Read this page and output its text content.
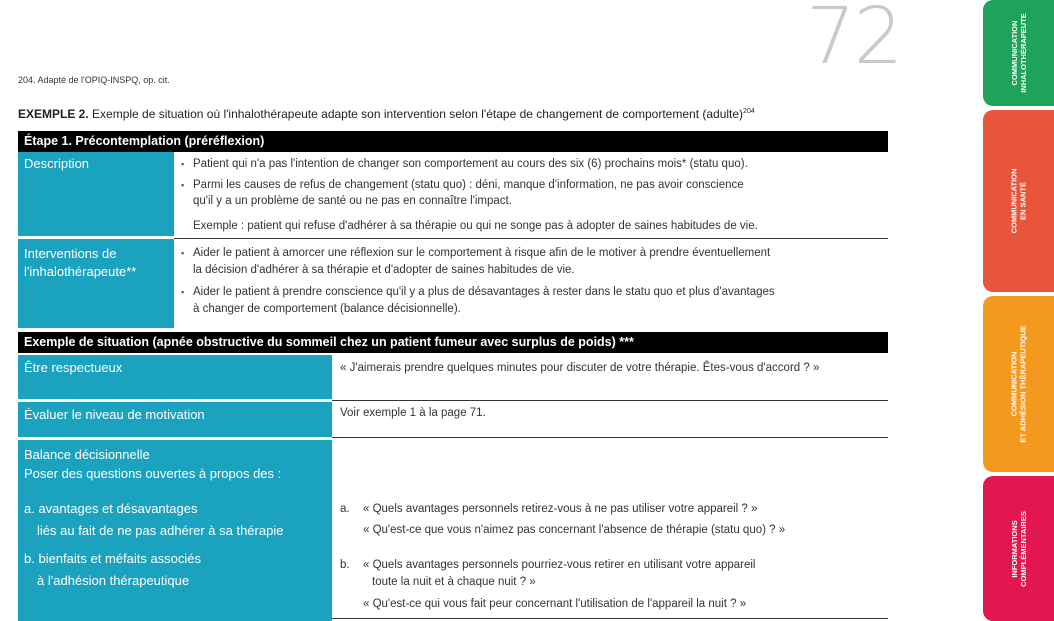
72
204. Adapté de l'OPIQ-INSPQ, op. cit.
EXEMPLE 2. Exemple de situation où l'inhalothérapeute adapte son intervention selon l'étape de changement de comportement (adulte)$^{204}$
Étape 1. Précontemplation (préréflexion)
Description
▪	Patient qui n'a pas l'intention de changer son comportement au cours des six (6) prochains mois* (statu quo).
▪ Parmi les causes de refus de changement (statu quo) : déni, manque d'information, ne pas avoir conscience
qu'il y a un problème de santé ou ne pas en connaître l'impact.
Exemple : patient qui refuse d'adhérer à sa thérapie ou qui ne songe pas à adopter de saines habitudes de vie.
Interventions de
l'inhalothérapeute**
▪ Aider le patient à amorcer une réflexion sur le comportement à risque afin de le motiver à prendre éventuellement
la décision d'adhérer à sa thérapie et d'adopter de saines habitudes de vie.
▪ Aider le patient à prendre conscience qu'il y a plus de désavantages à rester dans le statu quo et plus d'avantages
à changer de comportement (balance décisionnelle).
Exemple de situation (apnée obstructive du sommeil chez un patient fumeur avec surplus de poids) ***
Être respectueux	« J'aimerais prendre quelques minutes pour discuter de votre thérapie. Êtes-vous d'accord ? »
Évaluer le niveau de motivation	Voir exemple 1 à la page 71.
Balance décisionnelle
Poser des questions ouvertes à propos des :
a. avantages et désavantages
liés au fait de ne pas adhérer à sa thérapie
b. bienfaits et méfaits associés
à l'adhésion thérapeutique
a. « Quels avantages personnels retirez-vous à ne pas utiliser votre appareil ? »
« Qu'est-ce que vous n'aimez pas concernant l'absence de thérapie (statu quo) ? »
b. « Quels avantages personnels pourriez-vous retirer en utilisant votre appareil
toute la nuit et à chaque nuit ? »
« Qu'est-ce qui vous fait peur concernant l'utilisation de l'appareil la nuit ? »
COMMUNICATION INHALOTHÉRAPEUTE
COMMUNICATION EN SANTÉ
COMMUNICATION ET ADHÉSION THÉRAPEUTIQUE
INFORMATIONS COMPLÉMENTAIRES
